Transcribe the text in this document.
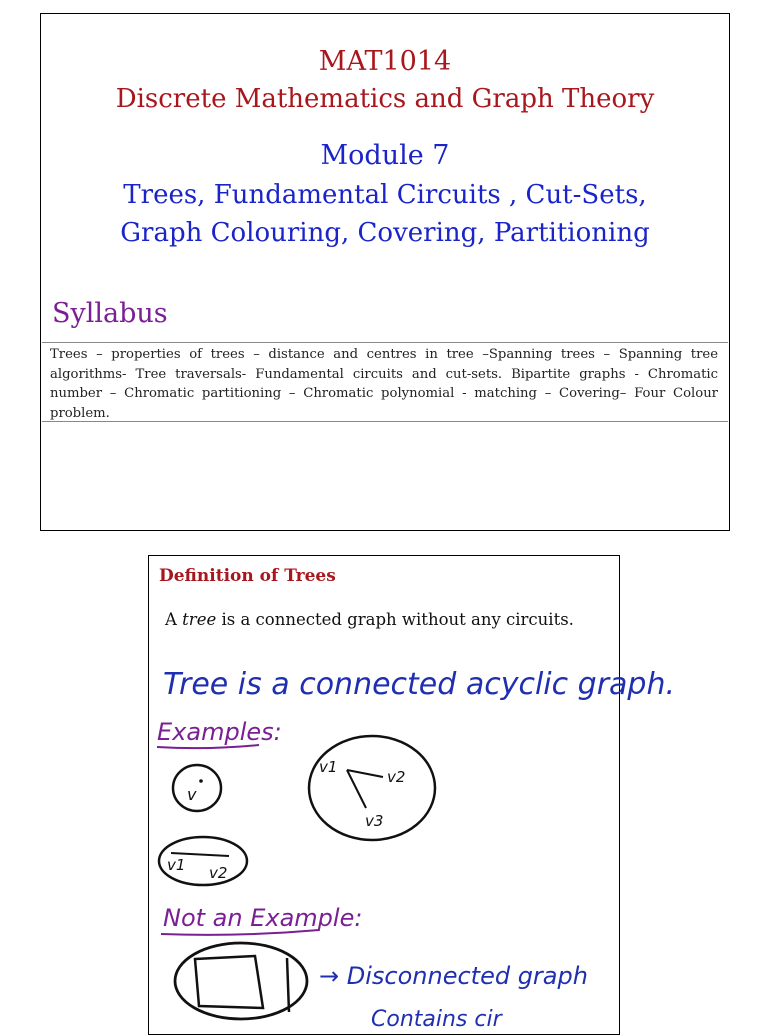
MAT1014
Discrete Mathematics and Graph Theory
Module 7
Trees, Fundamental Circuits , Cut-Sets,
Graph Colouring, Covering, Partitioning
Syllabus
Trees – properties of trees – distance and centres in tree –Spanning trees – Spanning tree algorithms- Tree traversals- Fundamental circuits and cut-sets. Bipartite graphs - Chromatic number – Chromatic partitioning – Chromatic polynomial - matching – Covering– Four Colour problem.
Definition of Trees
A tree is a connected graph without any circuits.
Tree is a connected acyclic graph.
Examples:
v
v1
v2
v3
v1 v2
Not an Example:
→ Disconnected graph
Contains cir
